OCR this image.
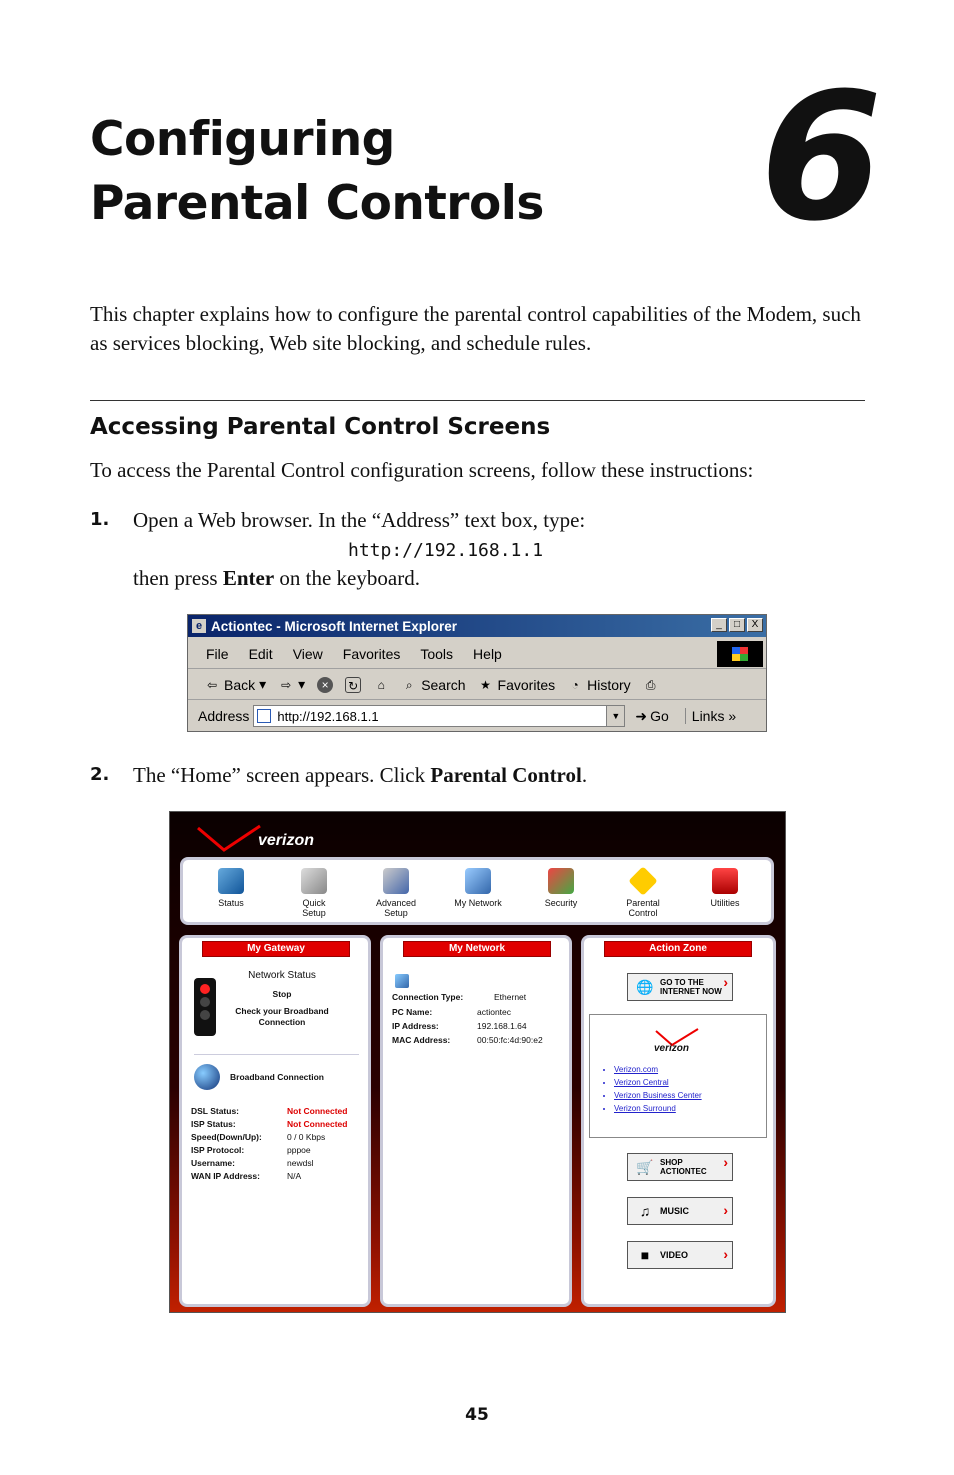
Configuring
Parental Controls 6

This chapter explains how to configure the parental control capabilities of the Modem, such as services blocking, Web site blocking, and schedule rules.

Accessing Parental Control Screens

To access the Parental Control configuration screens, follow these instructions:

1. Open a Web browser. In the “Address” text box, type:
http://192.168.1.1
then press Enter on the keyboard.
e Actiontec - Microsoft Internet Explorer	_	□	X
File Edit View Favorites Tools Help
⇦ Back ▾ ⇨ ▾	×	↻	⌂	⌕ Search ★ Favorites	◔ History ⎙
Address http://192.168.1.1	▼ ➜ Go	Links »
2. The “Home” screen appears. Click Parental Control.
verizon
Status	Quick
Setup
Advanced
Setup
My Network	Security	Parental
Control
Utilities
My Gateway
Network Status
Stop
Check your Broadband
Connection
Broadband Connection
DSL Status:	Not Connected
ISP Status:	Not Connected
Speed(Down/Up):	0 / 0 Kbps
ISP Protocol:	pppoe
Username:	newdsl
WAN IP Address:	N/A
My Network
Connection Type:	Ethernet
PC Name:	actiontec
IP Address:	192.168.1.64
MAC Address:	00:50:fc:4d:90:e2
Action Zone
🌐 GO TO THE
INTERNET NOW
›
verizon
• Verizon.com
• Verizon Central
• Verizon Business Center
• Verizon Surround
🛒 SHOP
ACTIONTEC
›
♫	MUSIC ›
■	VIDEO	›
45
